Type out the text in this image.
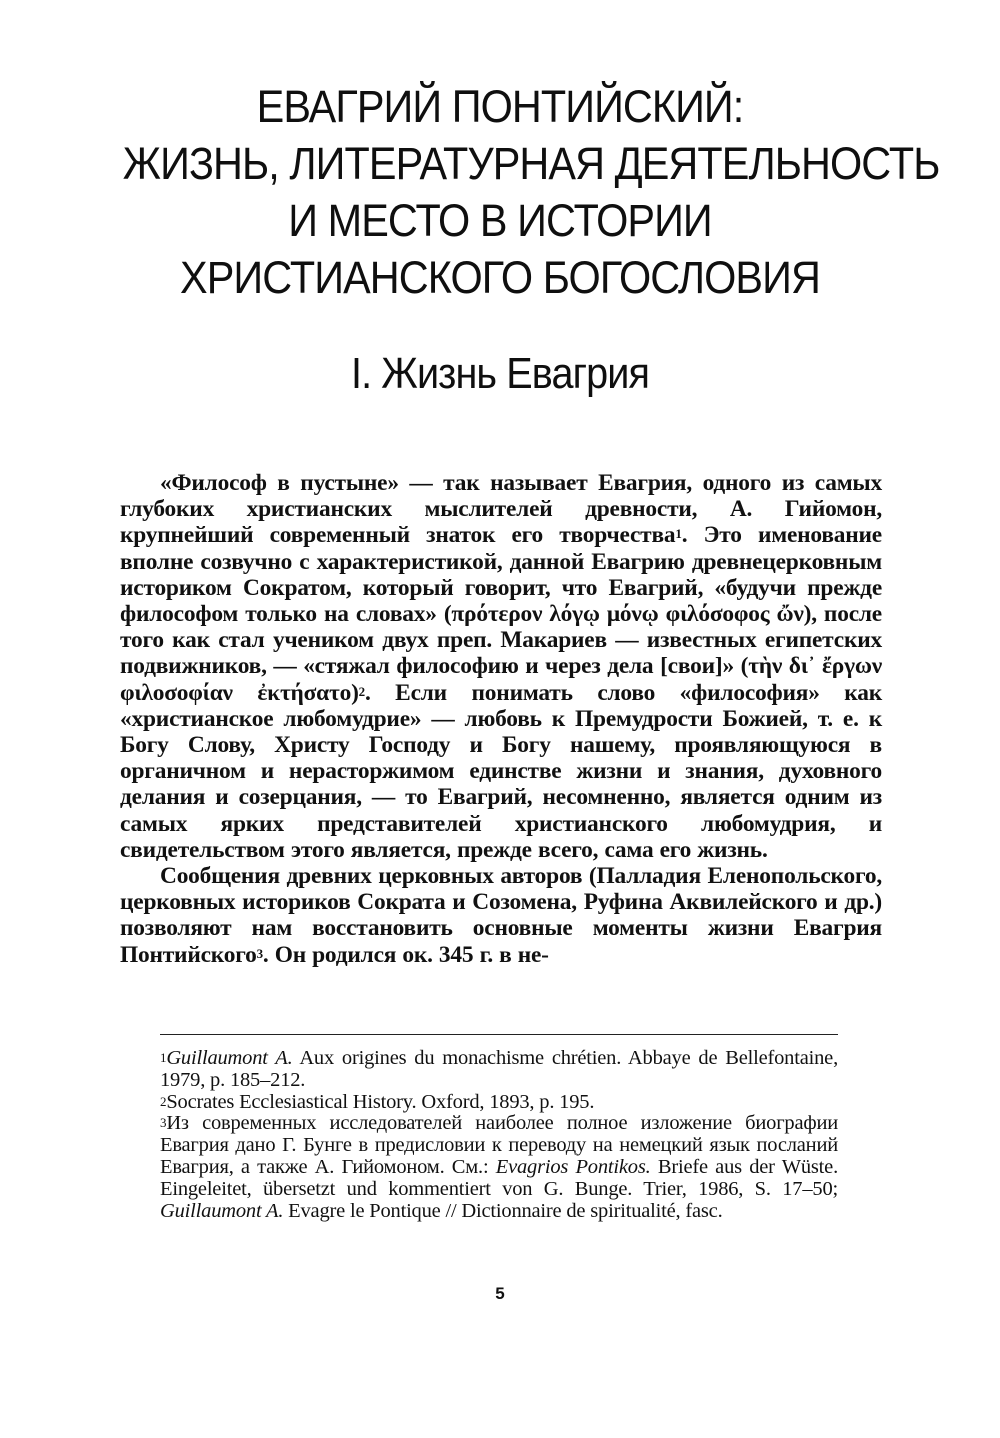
ЕВАГРИЙ ПОНТИЙСКИЙ:
ЖИЗНЬ, ЛИТЕРАТУРНАЯ ДЕЯТЕЛЬНОСТЬ
И МЕСТО В ИСТОРИИ
ХРИСТИАНСКОГО БОГОСЛОВИЯ
I. Жизнь Евагрия

«Философ в пустыне» — так называет Евагрия, одного из самых глубоких христианских мыслителей древности, А. Гийомон, крупнейший современный знаток его творчества$^1$. Это именование вполне созвучно с характеристикой, данной Евагрию древнецерковным историком Сократом, который говорит, что Евагрий, «будучи прежде философом только на словах» (πρότερον λόγῳ μόνῳ φιλόσοφος ὤν), после того как стал учеником двух преп. Макариев — известных египетских подвижников, — «стяжал философию и через дела [свои]» (τὴν δι᾽ ἔργων φιλοσοφίαν ἐκτήσατο)$^2$. Если понимать слово «философия» как «христианское любомудрие» — любовь к Премудрости Божией, т. е. к Богу Слову, Христу Господу и Богу нашему, проявляющуюся в органичном и нерасторжимом единстве жизни и знания, духовного делания и созерцания, — то Евагрий, несомненно, является одним из самых ярких представителей христианского любомудрия, и свидетельством этого является, прежде всего, сама его жизнь.

Сообщения древних церковных авторов (Палладия Еленопольского, церковных историков Сократа и Созомена, Руфина Аквилейского и др.) позволяют нам восстановить основные моменты жизни Евагрия Понтийского$^3$. Он родился ок. 345 г. в не-

$^1$Guillaumont A. Aux origines du monachisme chrétien. Abbaye de Bellefontaine, 1979, p. 185–212.

$^2$Socrates Ecclesiastical History. Oxford, 1893, p. 195.

$^3$Из современных исследователей наиболее полное изложение биографии Евагрия дано Г. Бунге в предисловии к переводу на немецкий язык посланий Евагрия, а также А. Гийомоном. См.: Evagrios Pontikos. Briefe aus der Wüste. Eingeleitet, übersetzt und kommentiert von G. Bunge. Trier, 1986, S. 17–50; Guillaumont A. Evagre le Pontique // Dictionnaire de spiritualité, fasc.

5
